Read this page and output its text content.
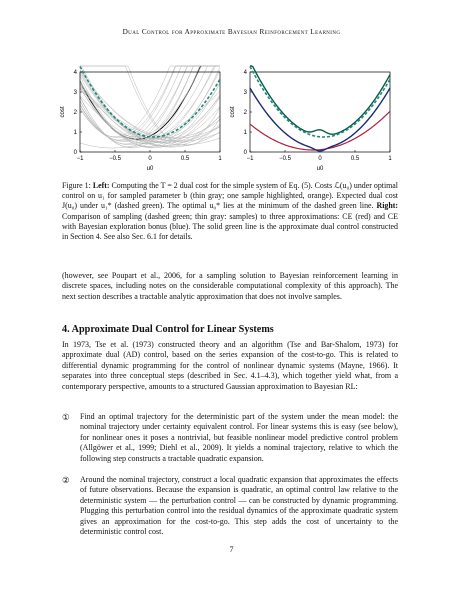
Dual Control for Approximate Bayesian Reinforcement Learning
−1	−0.5	0	0.5	1
0
1
2
3
4
cost
u0
−1	−0.5	0	0.5	1
0
1
2
3
4
cost
u0
Figure 1: Left: Computing the T = 2 dual cost for the simple system of Eq. (5). Costs ℒ(u₀) under optimal control on u₁ for sampled parameter b (thin gray; one sample highlighted, orange). Expected dual cost J(u₀) under u₁* (dashed green). The optimal u₀* lies at the minimum of the dashed green line. Right: Comparison of sampling (dashed green; thin gray: samples) to three approximations: CE (red) and CE with Bayesian exploration bonus (blue). The solid green line is the approximate dual control constructed in Section 4. See also Sec. 6.1 for details.
(however, see Poupart et al., 2006, for a sampling solution to Bayesian reinforcement learning in discrete spaces, including notes on the considerable computational complexity of this approach). The next section describes a tractable analytic approximation that does not involve samples.
4. Approximate Dual Control for Linear Systems
In 1973, Tse et al. (1973) constructed theory and an algorithm (Tse and Bar-Shalom, 1973) for approximate dual (AD) control, based on the series expansion of the cost-to-go. This is related to differential dynamic programming for the control of nonlinear dynamic systems (Mayne, 1966). It separates into three conceptual steps (described in Sec. 4.1–4.3), which together yield what, from a contemporary perspective, amounts to a structured Gaussian approximation to Bayesian RL:
① Find an optimal trajectory for the deterministic part of the system under the mean model: the nominal trajectory under certainty equivalent control. For linear systems this is easy (see below), for nonlinear ones it poses a nontrivial, but feasible nonlinear model predictive control problem (Allgöwer et al., 1999; Diehl et al., 2009). It yields a nominal trajectory, relative to which the following step constructs a tractable quadratic expansion.
② Around the nominal trajectory, construct a local quadratic expansion that approximates the effects of future observations. Because the expansion is quadratic, an optimal control law relative to the deterministic system — the perturbation control — can be constructed by dynamic programming. Plugging this perturbation control into the residual dynamics of the approximate quadratic system gives an approximation for the cost-to-go. This step adds the cost of uncertainty to the deterministic control cost.
7
